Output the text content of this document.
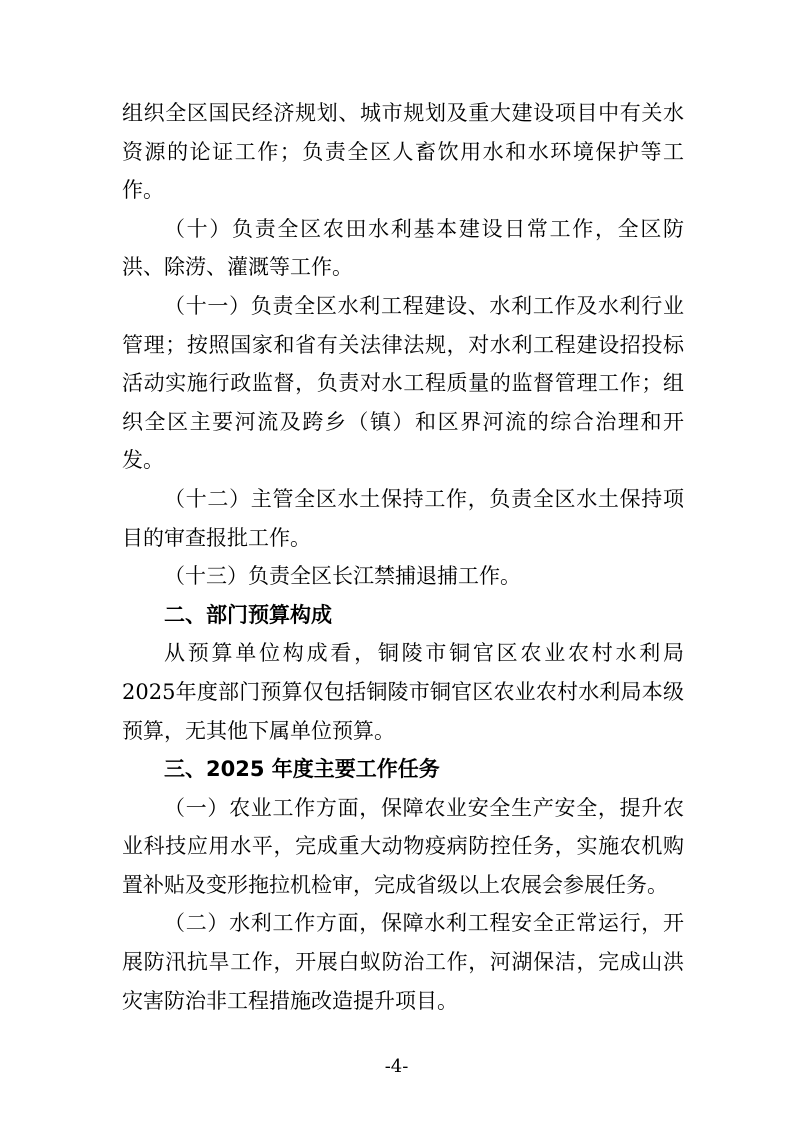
组织全区国民经济规划、城市规划及重大建设项目中有关水资源的论证工作；负责全区人畜饮用水和水环境保护等工作。

（十）负责全区农田水利基本建设日常工作，全区防洪、除涝、灌溉等工作。

（十一）负责全区水利工程建设、水利工作及水利行业管理；按照国家和省有关法律法规，对水利工程建设招投标活动实施行政监督，负责对水工程质量的监督管理工作；组织全区主要河流及跨乡（镇）和区界河流的综合治理和开发。

（十二）主管全区水土保持工作，负责全区水土保持项目的审查报批工作。

（十三）负责全区长江禁捕退捕工作。

二、部门预算构成

从预算单位构成看，铜陵市铜官区农业农村水利局 2025年度部门预算仅包括铜陵市铜官区农业农村水利局本级预算，无其他下属单位预算。

三、2025 年度主要工作任务

（一）农业工作方面，保障农业安全生产安全，提升农业科技应用水平，完成重大动物疫病防控任务，实施农机购置补贴及变形拖拉机检审，完成省级以上农展会参展任务。

（二）水利工作方面，保障水利工程安全正常运行，开展防汛抗旱工作，开展白蚁防治工作，河湖保洁，完成山洪灾害防治非工程措施改造提升项目。

-4-
